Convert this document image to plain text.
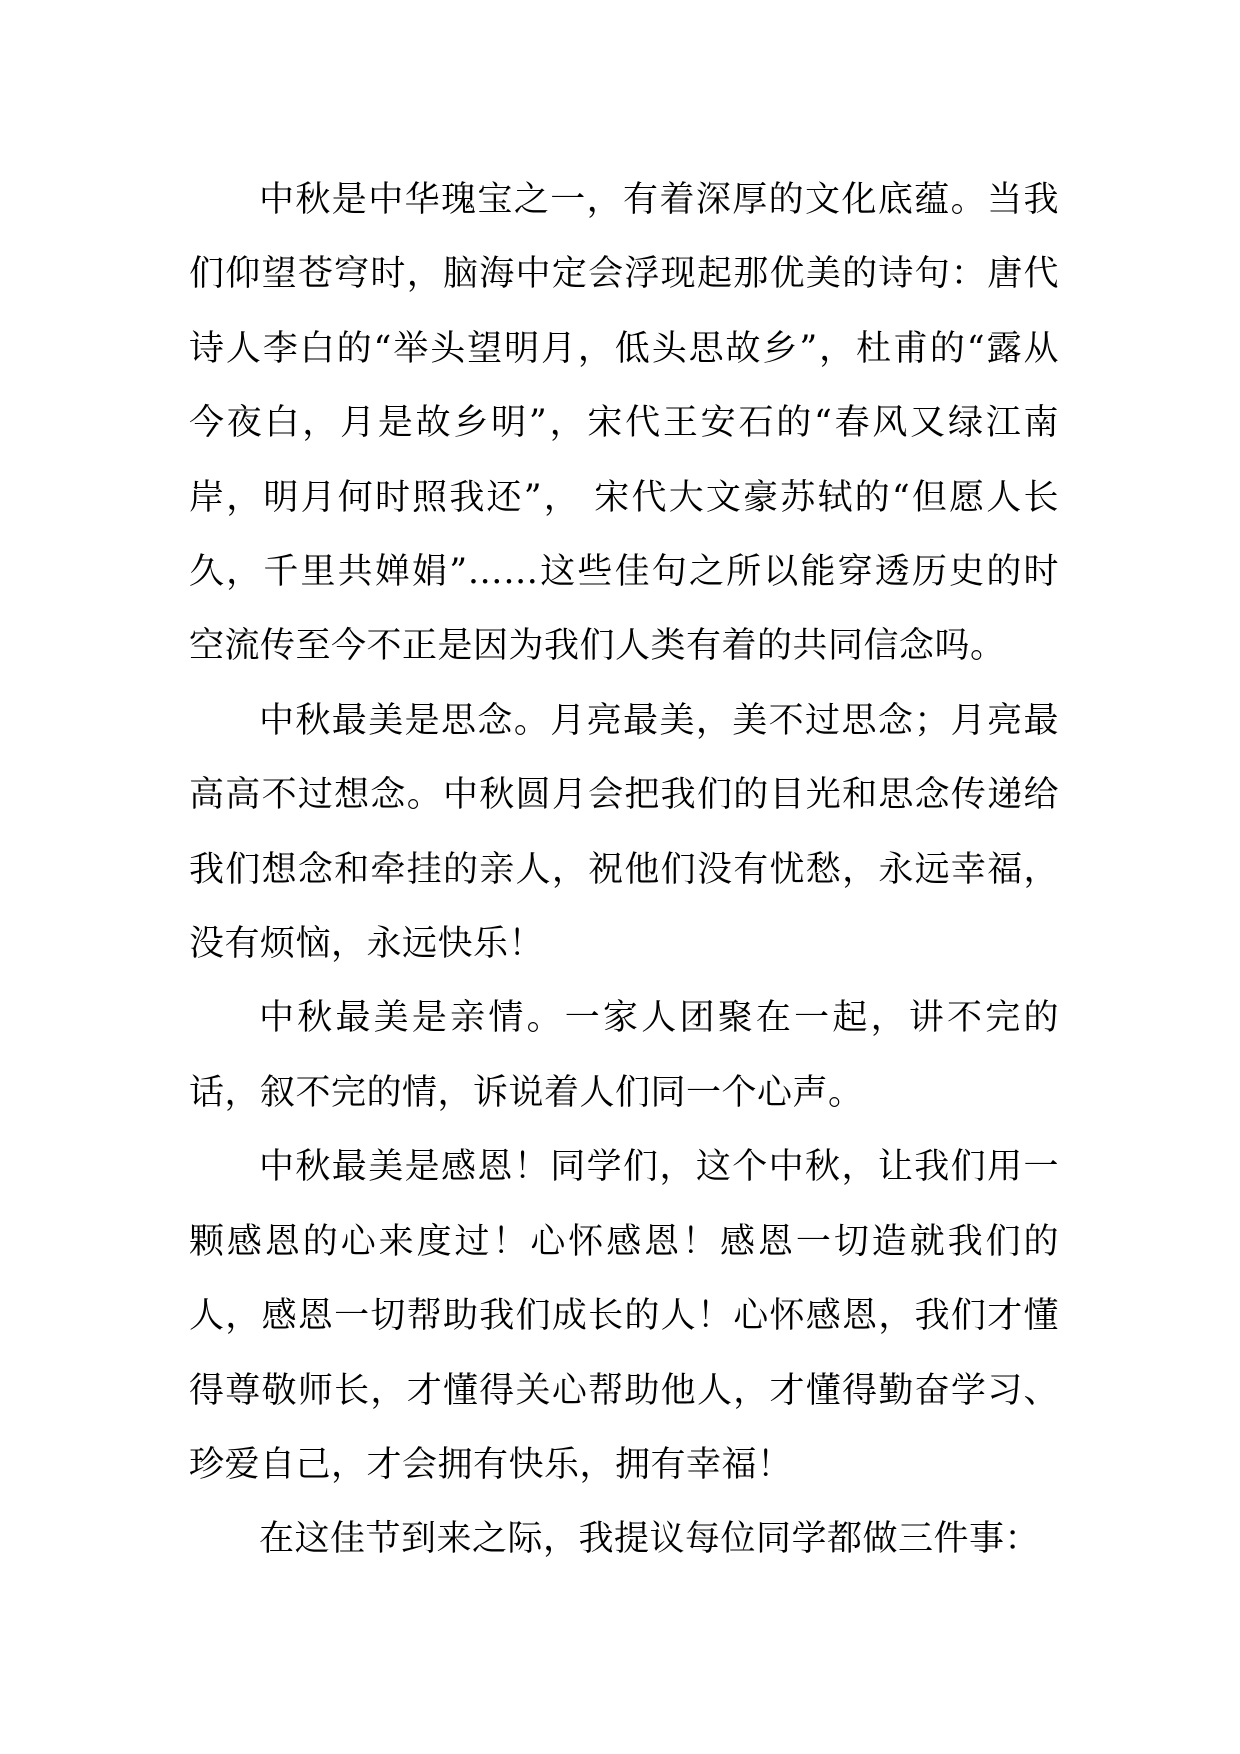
中秋是中华瑰宝之一，有着深厚的文化底蕴。当我们仰望苍穹时，脑海中定会浮现起那优美的诗句：唐代诗人李白的“举头望明月，低头思故乡”，杜甫的“露从今夜白，月是故乡明”，宋代王安石的“春风又绿江南岸，明月何时照我还”， 宋代大文豪苏轼的“但愿人长久，千里共婵娟”……这些佳句之所以能穿透历史的时空流传至今不正是因为我们人类有着的共同信念吗。

中秋最美是思念。月亮最美，美不过思念；月亮最高高不过想念。中秋圆月会把我们的目光和思念传递给我们想念和牵挂的亲人，祝他们没有忧愁，永远幸福，没有烦恼，永远快乐！

中秋最美是亲情。一家人团聚在一起，讲不完的话，叙不完的情，诉说着人们同一个心声。

中秋最美是感恩！同学们，这个中秋，让我们用一颗感恩的心来度过！心怀感恩！感恩一切造就我们的人，感恩一切帮助我们成长的人！心怀感恩，我们才懂得尊敬师长，才懂得关心帮助他人，才懂得勤奋学习、珍爱自己，才会拥有快乐，拥有幸福！

在这佳节到来之际，我提议每位同学都做三件事：
